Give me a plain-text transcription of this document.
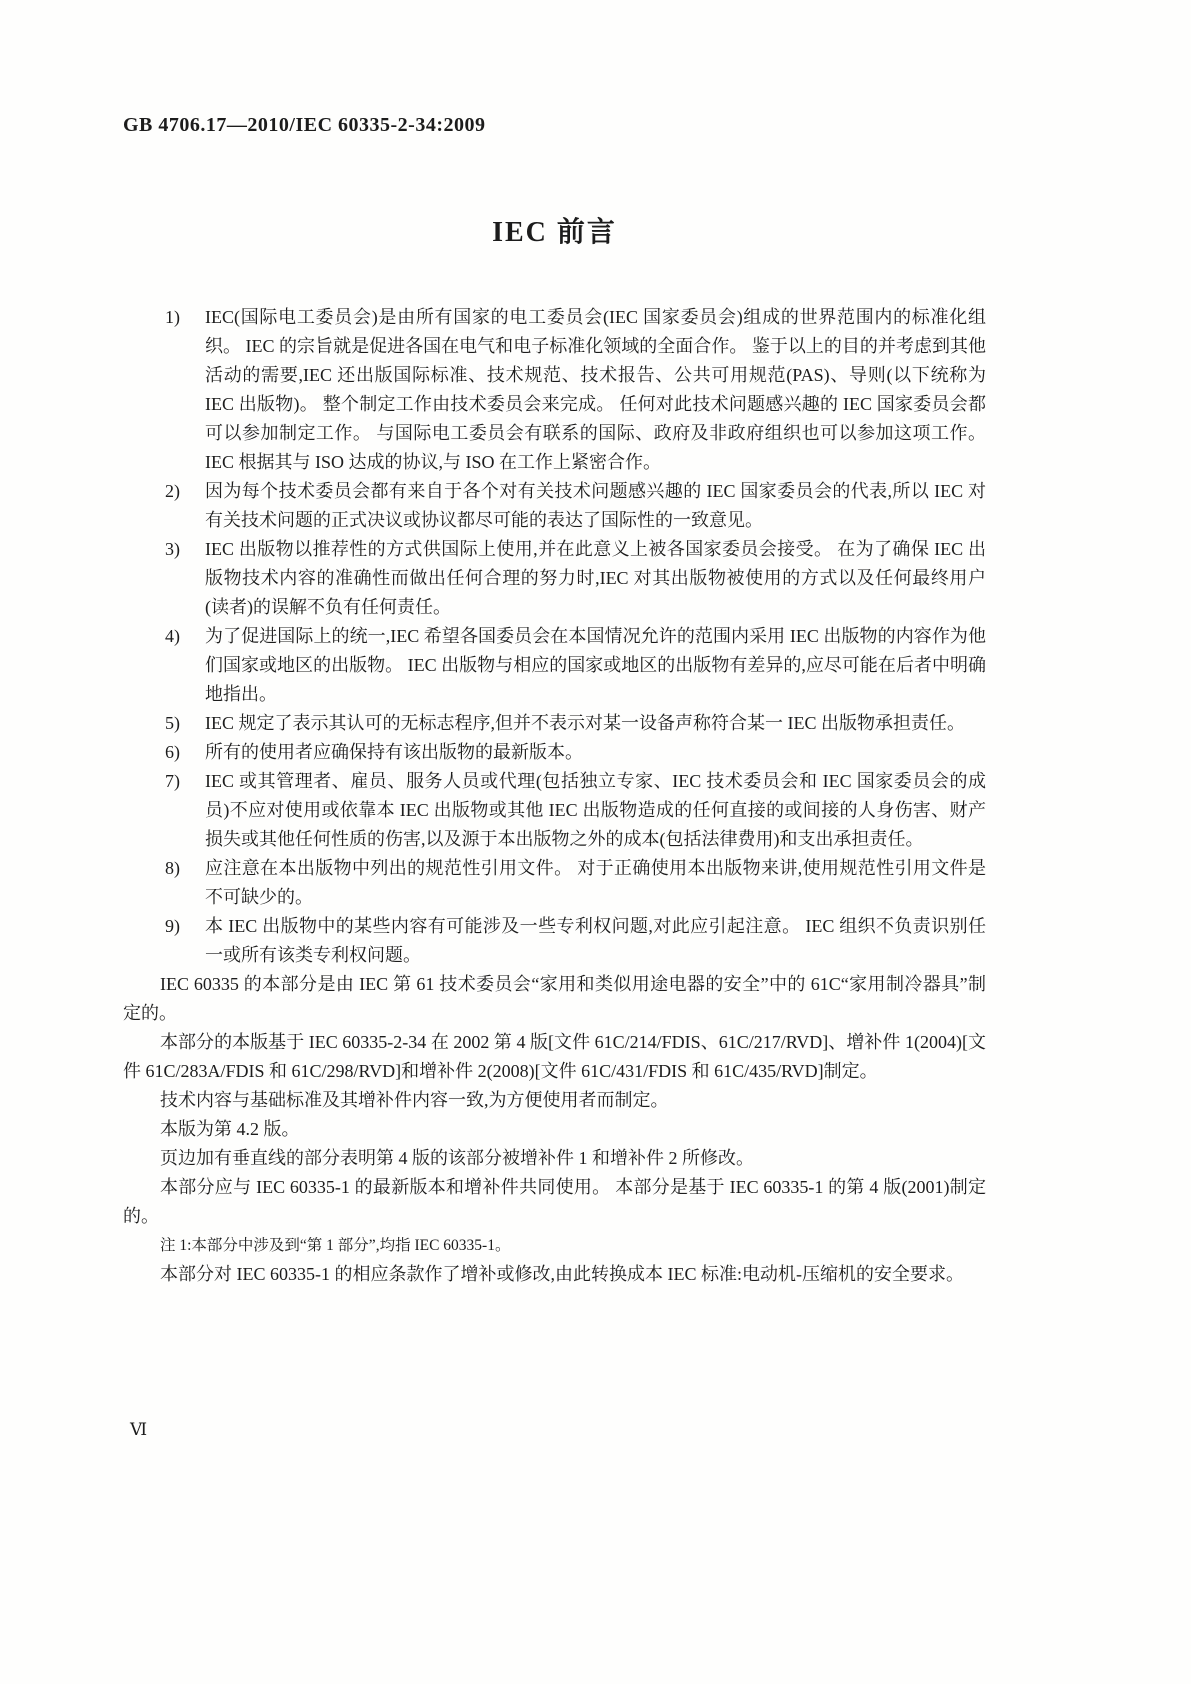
GB 4706.17—2010/IEC 60335-2-34:2009
IEC 前言
1) IEC(国际电工委员会)是由所有国家的电工委员会(IEC 国家委员会)组成的世界范围内的标准化组织。 IEC 的宗旨就是促进各国在电气和电子标准化领域的全面合作。 鉴于以上的目的并考虑到其他活动的需要,IEC 还出版国际标准、技术规范、技术报告、公共可用规范(PAS)、导则(以下统称为 IEC 出版物)。 整个制定工作由技术委员会来完成。 任何对此技术问题感兴趣的 IEC 国家委员会都可以参加制定工作。 与国际电工委员会有联系的国际、政府及非政府组织也可以参加这项工作。 IEC 根据其与 ISO 达成的协议,与 ISO 在工作上紧密合作。
2) 因为每个技术委员会都有来自于各个对有关技术问题感兴趣的 IEC 国家委员会的代表,所以 IEC 对有关技术问题的正式决议或协议都尽可能的表达了国际性的一致意见。
3) IEC 出版物以推荐性的方式供国际上使用,并在此意义上被各国家委员会接受。 在为了确保 IEC 出版物技术内容的准确性而做出任何合理的努力时,IEC 对其出版物被使用的方式以及任何最终用户(读者)的误解不负有任何责任。
4) 为了促进国际上的统一,IEC 希望各国委员会在本国情况允许的范围内采用 IEC 出版物的内容作为他们国家或地区的出版物。 IEC 出版物与相应的国家或地区的出版物有差异的,应尽可能在后者中明确地指出。
5) IEC 规定了表示其认可的无标志程序,但并不表示对某一设备声称符合某一 IEC 出版物承担责任。
6) 所有的使用者应确保持有该出版物的最新版本。
7) IEC 或其管理者、雇员、服务人员或代理(包括独立专家、IEC 技术委员会和 IEC 国家委员会的成员)不应对使用或依靠本 IEC 出版物或其他 IEC 出版物造成的任何直接的或间接的人身伤害、财产损失或其他任何性质的伤害,以及源于本出版物之外的成本(包括法律费用)和支出承担责任。
8) 应注意在本出版物中列出的规范性引用文件。 对于正确使用本出版物来讲,使用规范性引用文件是不可缺少的。
9) 本 IEC 出版物中的某些内容有可能涉及一些专利权问题,对此应引起注意。 IEC 组织不负责识别任一或所有该类专利权问题。

IEC 60335 的本部分是由 IEC 第 61 技术委员会“家用和类似用途电器的安全”中的 61C“家用制冷器具”制定的。

本部分的本版基于 IEC 60335-2-34 在 2002 第 4 版[文件 61C/214/FDIS、61C/217/RVD]、增补件 1(2004)[文件 61C/283A/FDIS 和 61C/298/RVD]和增补件 2(2008)[文件 61C/431/FDIS 和 61C/435/RVD]制定。

技术内容与基础标准及其增补件内容一致,为方便使用者而制定。

本版为第 4.2 版。

页边加有垂直线的部分表明第 4 版的该部分被增补件 1 和增补件 2 所修改。

本部分应与 IEC 60335-1 的最新版本和增补件共同使用。 本部分是基于 IEC 60335-1 的第 4 版(2001)制定的。

注 1:本部分中涉及到“第 1 部分”,均指 IEC 60335-1。

本部分对 IEC 60335-1 的相应条款作了增补或修改,由此转换成本 IEC 标准:电动机-压缩机的安全要求。

Ⅵ
